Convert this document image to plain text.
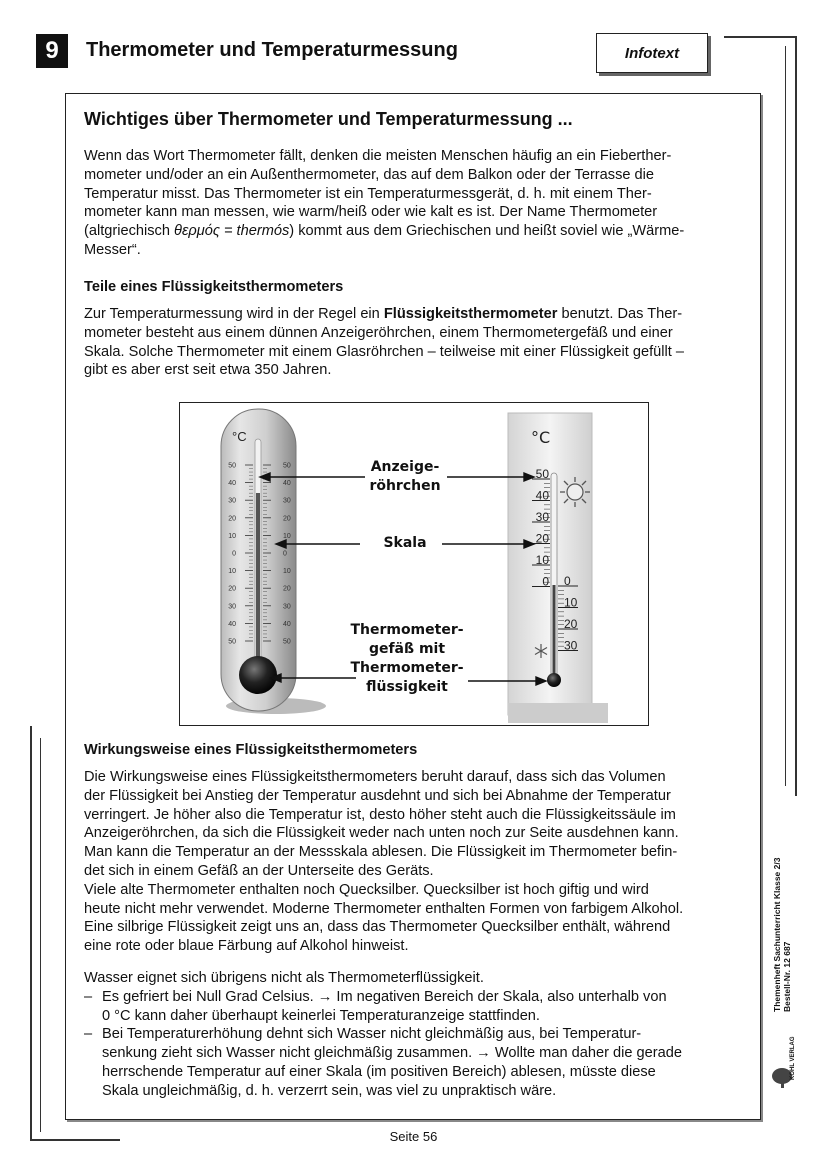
9	Thermometer und Temperaturmessung	Infotext
Wichtiges über Thermometer und Temperaturmessung ...
Wenn das Wort Thermometer fällt, denken die meisten Menschen häufig an ein Fieberther-
mometer und/oder an ein Außenthermometer, das auf dem Balkon oder der Terrasse die
Temperatur misst. Das Thermometer ist ein Temperaturmessgerät, d. h. mit einem Ther-
mometer kann man messen, wie warm/heiß oder wie kalt es ist. Der Name Thermometer
(altgriechisch θερμός = thermós) kommt aus dem Griechischen und heißt soviel wie „Wärme-
Messer“.
Teile eines Flüssigkeitsthermometers
Zur Temperaturmessung wird in der Regel ein Flüssigkeitsthermometer benutzt. Das Ther-
mometer besteht aus einem dünnen Anzeigeröhrchen, einem Thermometergefäß und einer
Skala. Solche Thermometer mit einem Glasröhrchen – teilweise mit einer Flüssigkeit gefüllt –
gibt es aber erst seit etwa 350 Jahren.
°C
50	50
40	40
30	30
20	20
10	10
0	0
10	10
20	20
30	30
40	40
50	50
°C
50
40
30
20
10
0 0
10
20
30
Anzeige-
röhrchen
Skala
Thermometer-
gefäß mit
Thermometer-
flüssigkeit
Wirkungsweise eines Flüssigkeitsthermometers
Die Wirkungsweise eines Flüssigkeitsthermometers beruht darauf, dass sich das Volumen
der Flüssigkeit bei Anstieg der Temperatur ausdehnt und sich bei Abnahme der Temperatur
verringert. Je höher also die Temperatur ist, desto höher steht auch die Flüssigkeitssäule im
Anzeigeröhrchen, da sich die Flüssigkeit weder nach unten noch zur Seite ausdehnen kann.
Man kann die Temperatur an der Messskala ablesen. Die Flüssigkeit im Thermometer befin-
det sich in einem Gefäß an der Unterseite des Geräts.
Viele alte Thermometer enthalten noch Quecksilber. Quecksilber ist hoch giftig und wird
heute nicht mehr verwendet. Moderne Thermometer enthalten Formen von farbigem Alkohol.
Eine silbrige Flüssigkeit zeigt uns an, dass das Thermometer Quecksilber enthält, während
eine rote oder blaue Färbung auf Alkohol hinweist.
Wasser eignet sich übrigens nicht als Thermometerflüssigkeit.
– Es gefriert bei Null Grad Celsius. → Im negativen Bereich der Skala, also unterhalb von
0 °C kann daher überhaupt keinerlei Temperaturanzeige stattfinden.
– Bei Temperaturerhöhung dehnt sich Wasser nicht gleichmäßig aus, bei Temperatur-
senkung zieht sich Wasser nicht gleichmäßig zusammen. → Wollte man daher die gerade
herrschende Temperatur auf einer Skala (im positiven Bereich) ablesen, müsste diese
Skala ungleichmäßig, d. h. verzerrt sein, was viel zu unpraktisch wäre.
Themenheft Sachunterricht Klasse 2/3 Bestell-Nr. 12 687
KOHL VERLAG
Seite 56
